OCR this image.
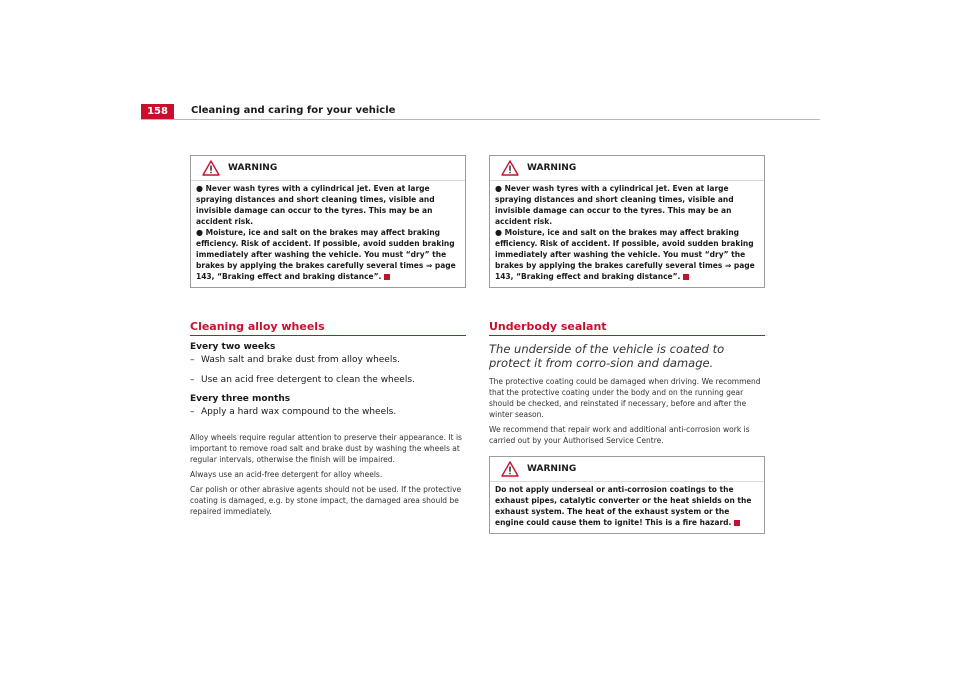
158	Cleaning and caring for your vehicle
WARNING

● Never wash tyres with a cylindrical jet. Even at large spraying distances and short cleaning times, visible and invisible damage can occur to the tyres. This may be an accident risk.

● Moisture, ice and salt on the brakes may affect braking efficiency. Risk of accident. If possible, avoid sudden braking immediately after washing the vehicle. You must “dry” the brakes by applying the brakes carefully several times ⇒ page 143, “Braking effect and braking distance”.

Cleaning alloy wheels

Every two weeks

– Wash salt and brake dust from alloy wheels.

– Use an acid free detergent to clean the wheels.

Every three months

– Apply a hard wax compound to the wheels.

Alloy wheels require regular attention to preserve their appearance. It is important to remove road salt and brake dust by washing the wheels at regular intervals, otherwise the finish will be impaired.

Always use an acid-free detergent for alloy wheels.

Car polish or other abrasive agents should not be used. If the protective coating is damaged, e.g. by stone impact, the damaged area should be repaired immediately.

WARNING

● Never wash tyres with a cylindrical jet. Even at large spraying distances and short cleaning times, visible and invisible damage can occur to the tyres. This may be an accident risk.

● Moisture, ice and salt on the brakes may affect braking efficiency. Risk of accident. If possible, avoid sudden braking immediately after washing the vehicle. You must “dry” the brakes by applying the brakes carefully several times ⇒ page 143, “Braking effect and braking distance”.

Underbody sealant

The underside of the vehicle is coated to protect it from corro-sion and damage.

The protective coating could be damaged when driving. We recommend that the protective coating under the body and on the running gear should be checked, and reinstated if necessary, before and after the winter season.

We recommend that repair work and additional anti-corrosion work is carried out by your Authorised Service Centre.

WARNING

Do not apply underseal or anti-corrosion coatings to the exhaust pipes, catalytic converter or the heat shields on the exhaust system. The heat of the exhaust system or the engine could cause them to ignite! This is a fire hazard.
